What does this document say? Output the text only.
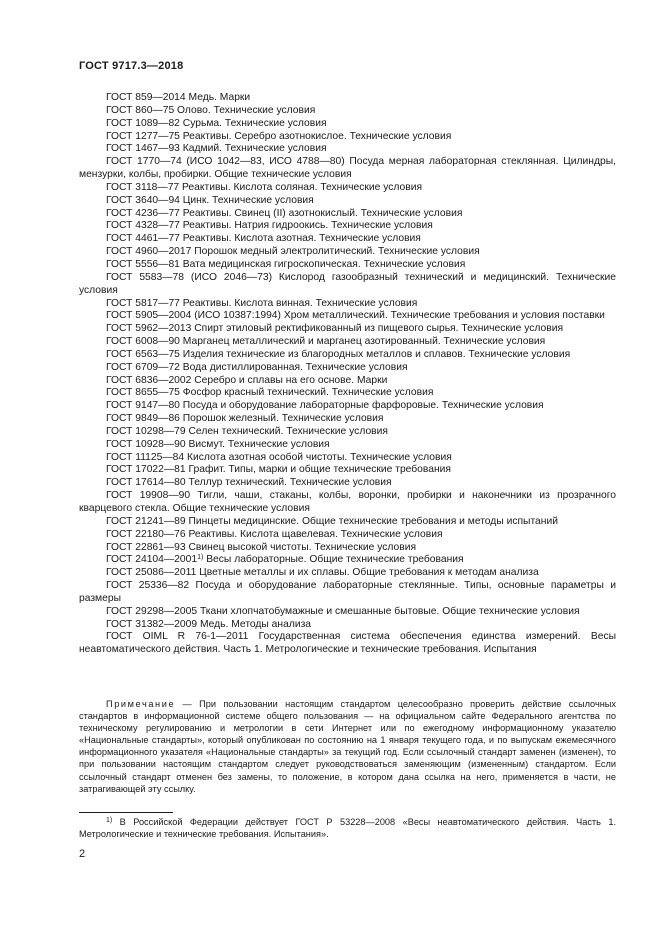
ГОСТ 9717.3—2018

ГОСТ 859—2014 Медь. Марки

ГОСТ 860—75 Олово. Технические условия

ГОСТ 1089—82 Сурьма. Технические условия

ГОСТ 1277—75 Реактивы. Серебро азотнокислое. Технические условия

ГОСТ 1467—93 Кадмий. Технические условия

ГОСТ 1770—74 (ИСО 1042—83, ИСО 4788—80) Посуда мерная лабораторная стеклянная. Цилиндры, мензурки, колбы, пробирки. Общие технические условия

ГОСТ 3118—77 Реактивы. Кислота соляная. Технические условия

ГОСТ 3640—94 Цинк. Технические условия

ГОСТ 4236—77 Реактивы. Свинец (II) азотнокислый. Технические условия

ГОСТ 4328—77 Реактивы. Натрия гидроокись. Технические условия

ГОСТ 4461—77 Реактивы. Кислота азотная. Технические условия

ГОСТ 4960—2017 Порошок медный электролитический. Технические условия

ГОСТ 5556—81 Вата медицинская гигроскопическая. Технические условия

ГОСТ 5583—78 (ИСО 2046—73) Кислород газообразный технический и медицинский. Технические условия

ГОСТ 5817—77 Реактивы. Кислота винная. Технические условия

ГОСТ 5905—2004 (ИСО 10387:1994) Хром металлический. Технические требования и условия поставки

ГОСТ 5962—2013 Спирт этиловый ректификованный из пищевого сырья. Технические условия

ГОСТ 6008—90 Марганец металлический и марганец азотированный. Технические условия

ГОСТ 6563—75 Изделия технические из благородных металлов и сплавов. Технические условия

ГОСТ 6709—72 Вода дистиллированная. Технические условия

ГОСТ 6836—2002 Серебро и сплавы на его основе. Марки

ГОСТ 8655—75 Фосфор красный технический. Технические условия

ГОСТ 9147—80 Посуда и оборудование лабораторные фарфоровые. Технические условия

ГОСТ 9849—86 Порошок железный. Технические условия

ГОСТ 10298—79 Селен технический. Технические условия

ГОСТ 10928—90 Висмут. Технические условия

ГОСТ 11125—84 Кислота азотная особой чистоты. Технические условия

ГОСТ 17022—81 Графит. Типы, марки и общие технические требования

ГОСТ 17614—80 Теллур технический. Технические условия

ГОСТ 19908—90 Тигли, чаши, стаканы, колбы, воронки, пробирки и наконечники из прозрачного кварцевого стекла. Общие технические условия

ГОСТ 21241—89 Пинцеты медицинские. Общие технические требования и методы испытаний

ГОСТ 22180—76 Реактивы. Кислота щавелевая. Технические условия

ГОСТ 22861—93 Свинец высокой чистоты. Технические условия

ГОСТ 24104—2001$^{1)}$ Весы лабораторные. Общие технические требования

ГОСТ 25086—2011 Цветные металлы и их сплавы. Общие требования к методам анализа

ГОСТ 25336—82 Посуда и оборудование лабораторные стеклянные. Типы, основные параметры и размеры

ГОСТ 29298—2005 Ткани хлопчатобумажные и смешанные бытовые. Общие технические условия

ГОСТ 31382—2009 Медь. Методы анализа

ГОСТ OIML R 76-1—2011 Государственная система обеспечения единства измерений. Весы неавтоматического действия. Часть 1. Метрологические и технические требования. Испытания

Примечание — При пользовании настоящим стандартом целесообразно проверить действие ссылочных стандартов в информационной системе общего пользования — на официальном сайте Федерального агентства по техническому регулированию и метрологии в сети Интернет или по ежегодному информационному указателю «Национальные стандарты», который опубликован по состоянию на 1 января текущего года, и по выпускам ежемесячного информационного указателя «Национальные стандарты» за текущий год. Если ссылочный стандарт заменен (изменен), то при пользовании настоящим стандартом следует руководствоваться заменяющим (измененным) стандартом. Если ссылочный стандарт отменен без замены, то положение, в котором дана ссылка на него, применяется в части, не затрагивающей эту ссылку.

$^{1)}$ В Российской Федерации действует ГОСТ Р 53228—2008 «Весы неавтоматического действия. Часть 1. Метрологические и технические требования. Испытания».

2
